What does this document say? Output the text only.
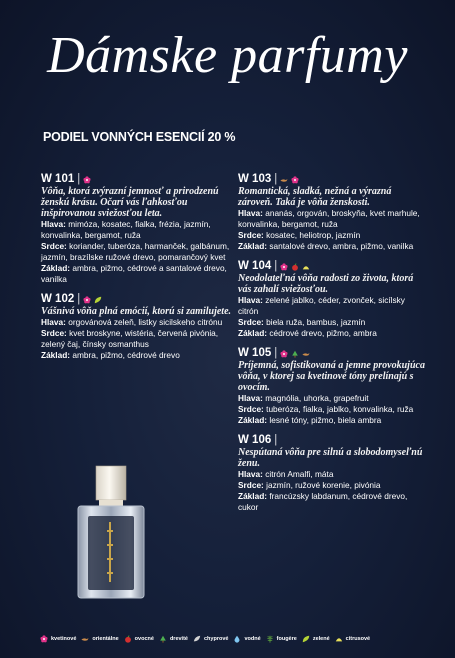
Dámske parfumy
PODIEL VONNÝCH ESENCIÍ 20 %
W 101 |
Vôňa, ktorá zvýrazní jemnosť a prirodzenú ženskú krásu. Očarí vás ľahkosťou inšpirovanou sviežosťou leta.
Hlava: mimóza, kosatec, fialka, frézia, jazmín, konvalinka, bergamot, ruža
Srdce: koriander, tuberóza, harmanček, galbánum, jazmín, brazílske ružové drevo, pomarančový kvet
Základ: ambra, pižmo, cédrové a santalové drevo, vanilka
W 102 |
Vášnivá vôňa plná emócií, ktorú si zamilujete.
Hlava: orgovánová zeleň, listky sicilskeho citrónu
Srdce: kvet broskyne, wistéria, červená pivónia, zelený čaj, čínsky osmanthus
Základ: ambra, pižmo, cédrové drevo
W 103 |
Romantická, sladká, nežná a výrazná zároveň. Taká je vôňa ženskosti.
Hlava: ananás, orgován, broskyňa, kvet marhule, konvalinka, bergamot, ruža
Srdce: kosatec, heliotrop, jazmín
Základ: santalové drevo, ambra, pižmo, vanilka
W 104 |
Neodolateľná vôňa radosti zo života, ktorá vás zahalí sviežosťou.
Hlava: zelené jablko, céder, zvonček, sicílsky citrón
Srdce: biela ruža, bambus, jazmín
Základ: cédrové drevo, pižmo, ambra
W 105 |
Príjemná, sofistikovaná a jemne provokujúca vôňa, v ktorej sa kvetinové tóny prelínajú s ovocím.
Hlava: magnólia, uhorka, grapefruit
Srdce: tuberóza, fialka, jablko, konvalinka, ruža
Základ: lesné tóny, pižmo, biela ambra
W 106 |
Nespútaná vôňa pre silnú a slobodomyseľnú ženu.
Hlava: citrón Amalfi, máta
Srdce: jazmín, ružové korenie, pivónia
Základ: francúzsky labdanum, cédrové drevo, cukor
kvetinové	orientálne	ovocné	drevité	chyprové	vodné	fougère	zelené	citrusové
